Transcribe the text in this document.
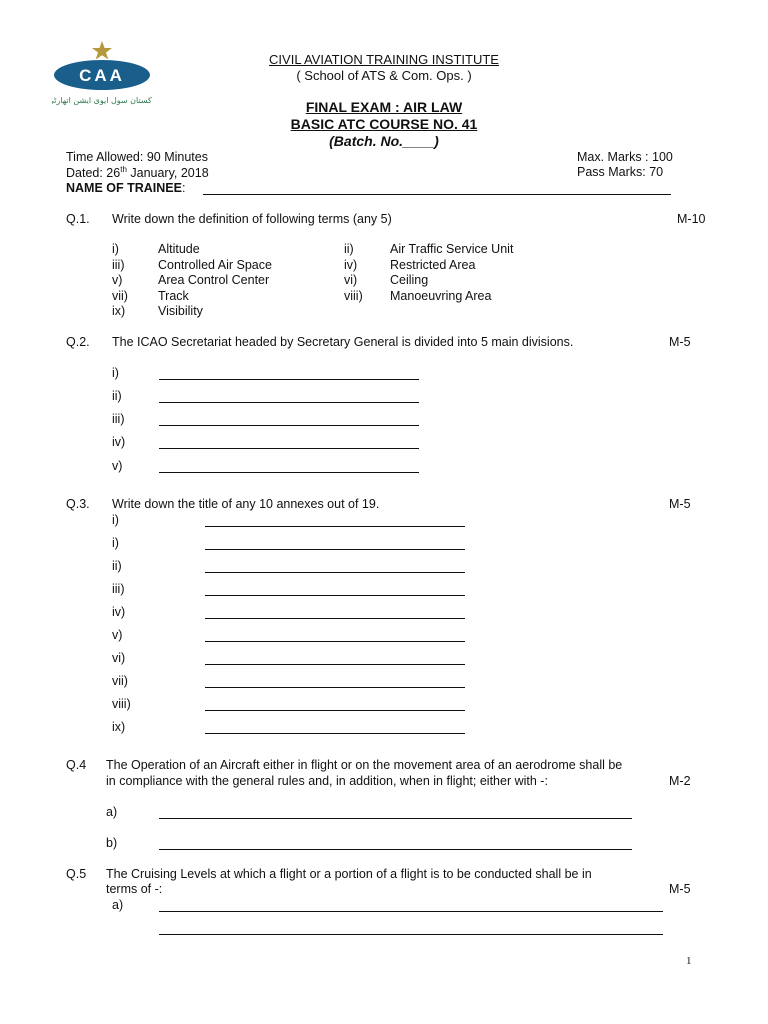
CAA
پاکستان سول ایوی ایشن اتھارٹی
CIVIL AVIATION TRAINING INSTITUTE
( School of ATS & Com. Ops. )
FINAL EXAM : AIR LAW
BASIC ATC COURSE NO. 41
(Batch. No.____)
Time Allowed: 90 Minutes	Max. Marks : 100
Dated: 26th January, 2018	Pass Marks: 70
NAME OF TRAINEE:
Q.1. Write down the definition of following terms (any 5)	M-10
i)	Altitude	ii)	Air Traffic Service Unit
iii)	Controlled Air Space	iv)	Restricted Area
v)	Area Control Center	vi)	Ceiling
vii) Track	viii) Manoeuvring Area
ix)	Visibility
Q.2. The ICAO Secretariat headed by Secretary General is divided into 5 main divisions.	M-5
i)
ii)
iii)
iv)
v)
Q.3. Write down the title of any 10 annexes out of 19.	M-5
i)
i)
ii)
iii)
iv)
v)
vi)
vii)
viii)
ix)
Q.4 The Operation of an Aircraft either in flight or on the movement area of an aerodrome shall be
in compliance with the general rules and, in addition, when in flight; either with -:	M-2
a)
b)
Q.5 The Cruising Levels at which a flight or a portion of a flight is to be conducted shall be in
terms of -:	M-5
a)
1
